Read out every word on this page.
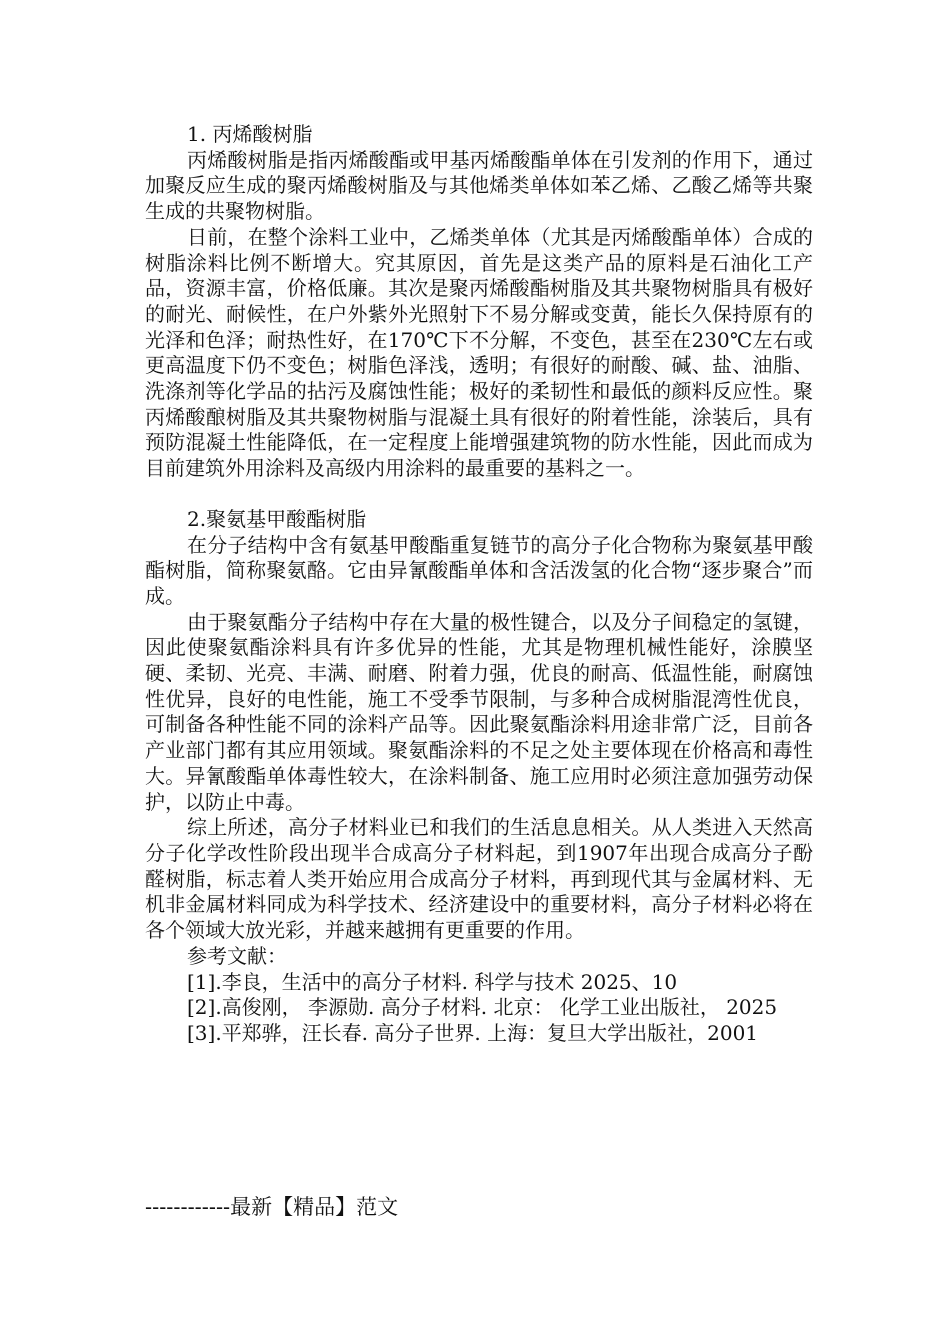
1. 丙烯酸树脂

丙烯酸树脂是指丙烯酸酯或甲基丙烯酸酯单体在引发剂的作用下，通过加聚反应生成的聚丙烯酸树脂及与其他烯类单体如苯乙烯、乙酸乙烯等共聚生成的共聚物树脂。

日前，在整个涂料工业中，乙烯类单体（尤其是丙烯酸酯单体）合成的树脂涂料比例不断增大。究其原因，首先是这类产品的原料是石油化工产品，资源丰富，价格低廉。其次是聚丙烯酸酯树脂及其共聚物树脂具有极好的耐光、耐候性，在户外紫外光照射下不易分解或变黄，能长久保持原有的光泽和色泽；耐热性好，在170℃下不分解，不变色，甚至在230℃左右或更高温度下仍不变色；树脂色泽浅，透明；有很好的耐酸、碱、盐、油脂、洗涤剂等化学品的拈污及腐蚀性能；极好的柔韧性和最低的颜料反应性。聚丙烯酸酿树脂及其共聚物树脂与混凝土具有很好的附着性能，涂装后，具有预防混凝土性能降低，在一定程度上能增强建筑物的防水性能，因此而成为目前建筑外用涂料及高级内用涂料的最重要的基料之一。

2.聚氨基甲酸酯树脂

在分子结构中含有氨基甲酸酯重复链节的高分子化合物称为聚氨基甲酸酯树脂，简称聚氨酪。它由异氰酸酯单体和含活泼氢的化合物“逐步聚合”而成。

由于聚氨酯分子结构中存在大量的极性键合，以及分子间稳定的氢键，因此使聚氨酯涂料具有许多优异的性能，尤其是物理机械性能好，涂膜坚硬、柔韧、光亮、丰满、耐磨、附着力强，优良的耐高、低温性能，耐腐蚀性优异，良好的电性能，施工不受季节限制，与多种合成树脂混湾性优良，可制备各种性能不同的涂料产品等。因此聚氨酯涂料用途非常广泛，目前各产业部门都有其应用领域。聚氨酯涂料的不足之处主要体现在价格高和毒性大。异氰酸酯单体毒性较大，在涂料制备、施工应用时必须注意加强劳动保护，以防止中毒。

综上所述，高分子材料业已和我们的生活息息相关。从人类进入天然高分子化学改性阶段出现半合成高分子材料起，到1907年出现合成高分子酚醛树脂，标志着人类开始应用合成高分子材料，再到现代其与金属材料、无机非金属材料同成为科学技术、经济建设中的重要材料，高分子材料必将在各个领域大放光彩，并越来越拥有更重要的作用。

参考文献：

[1].李良，生活中的高分子材料. 科学与技术 2025、10

[2].高俊刚， 李源勋. 高分子材料. 北京： 化学工业出版社， 2025

[3].平郑骅，汪长春. 高分子世界. 上海：复旦大学出版社，2001

------------最新【精品】范文
